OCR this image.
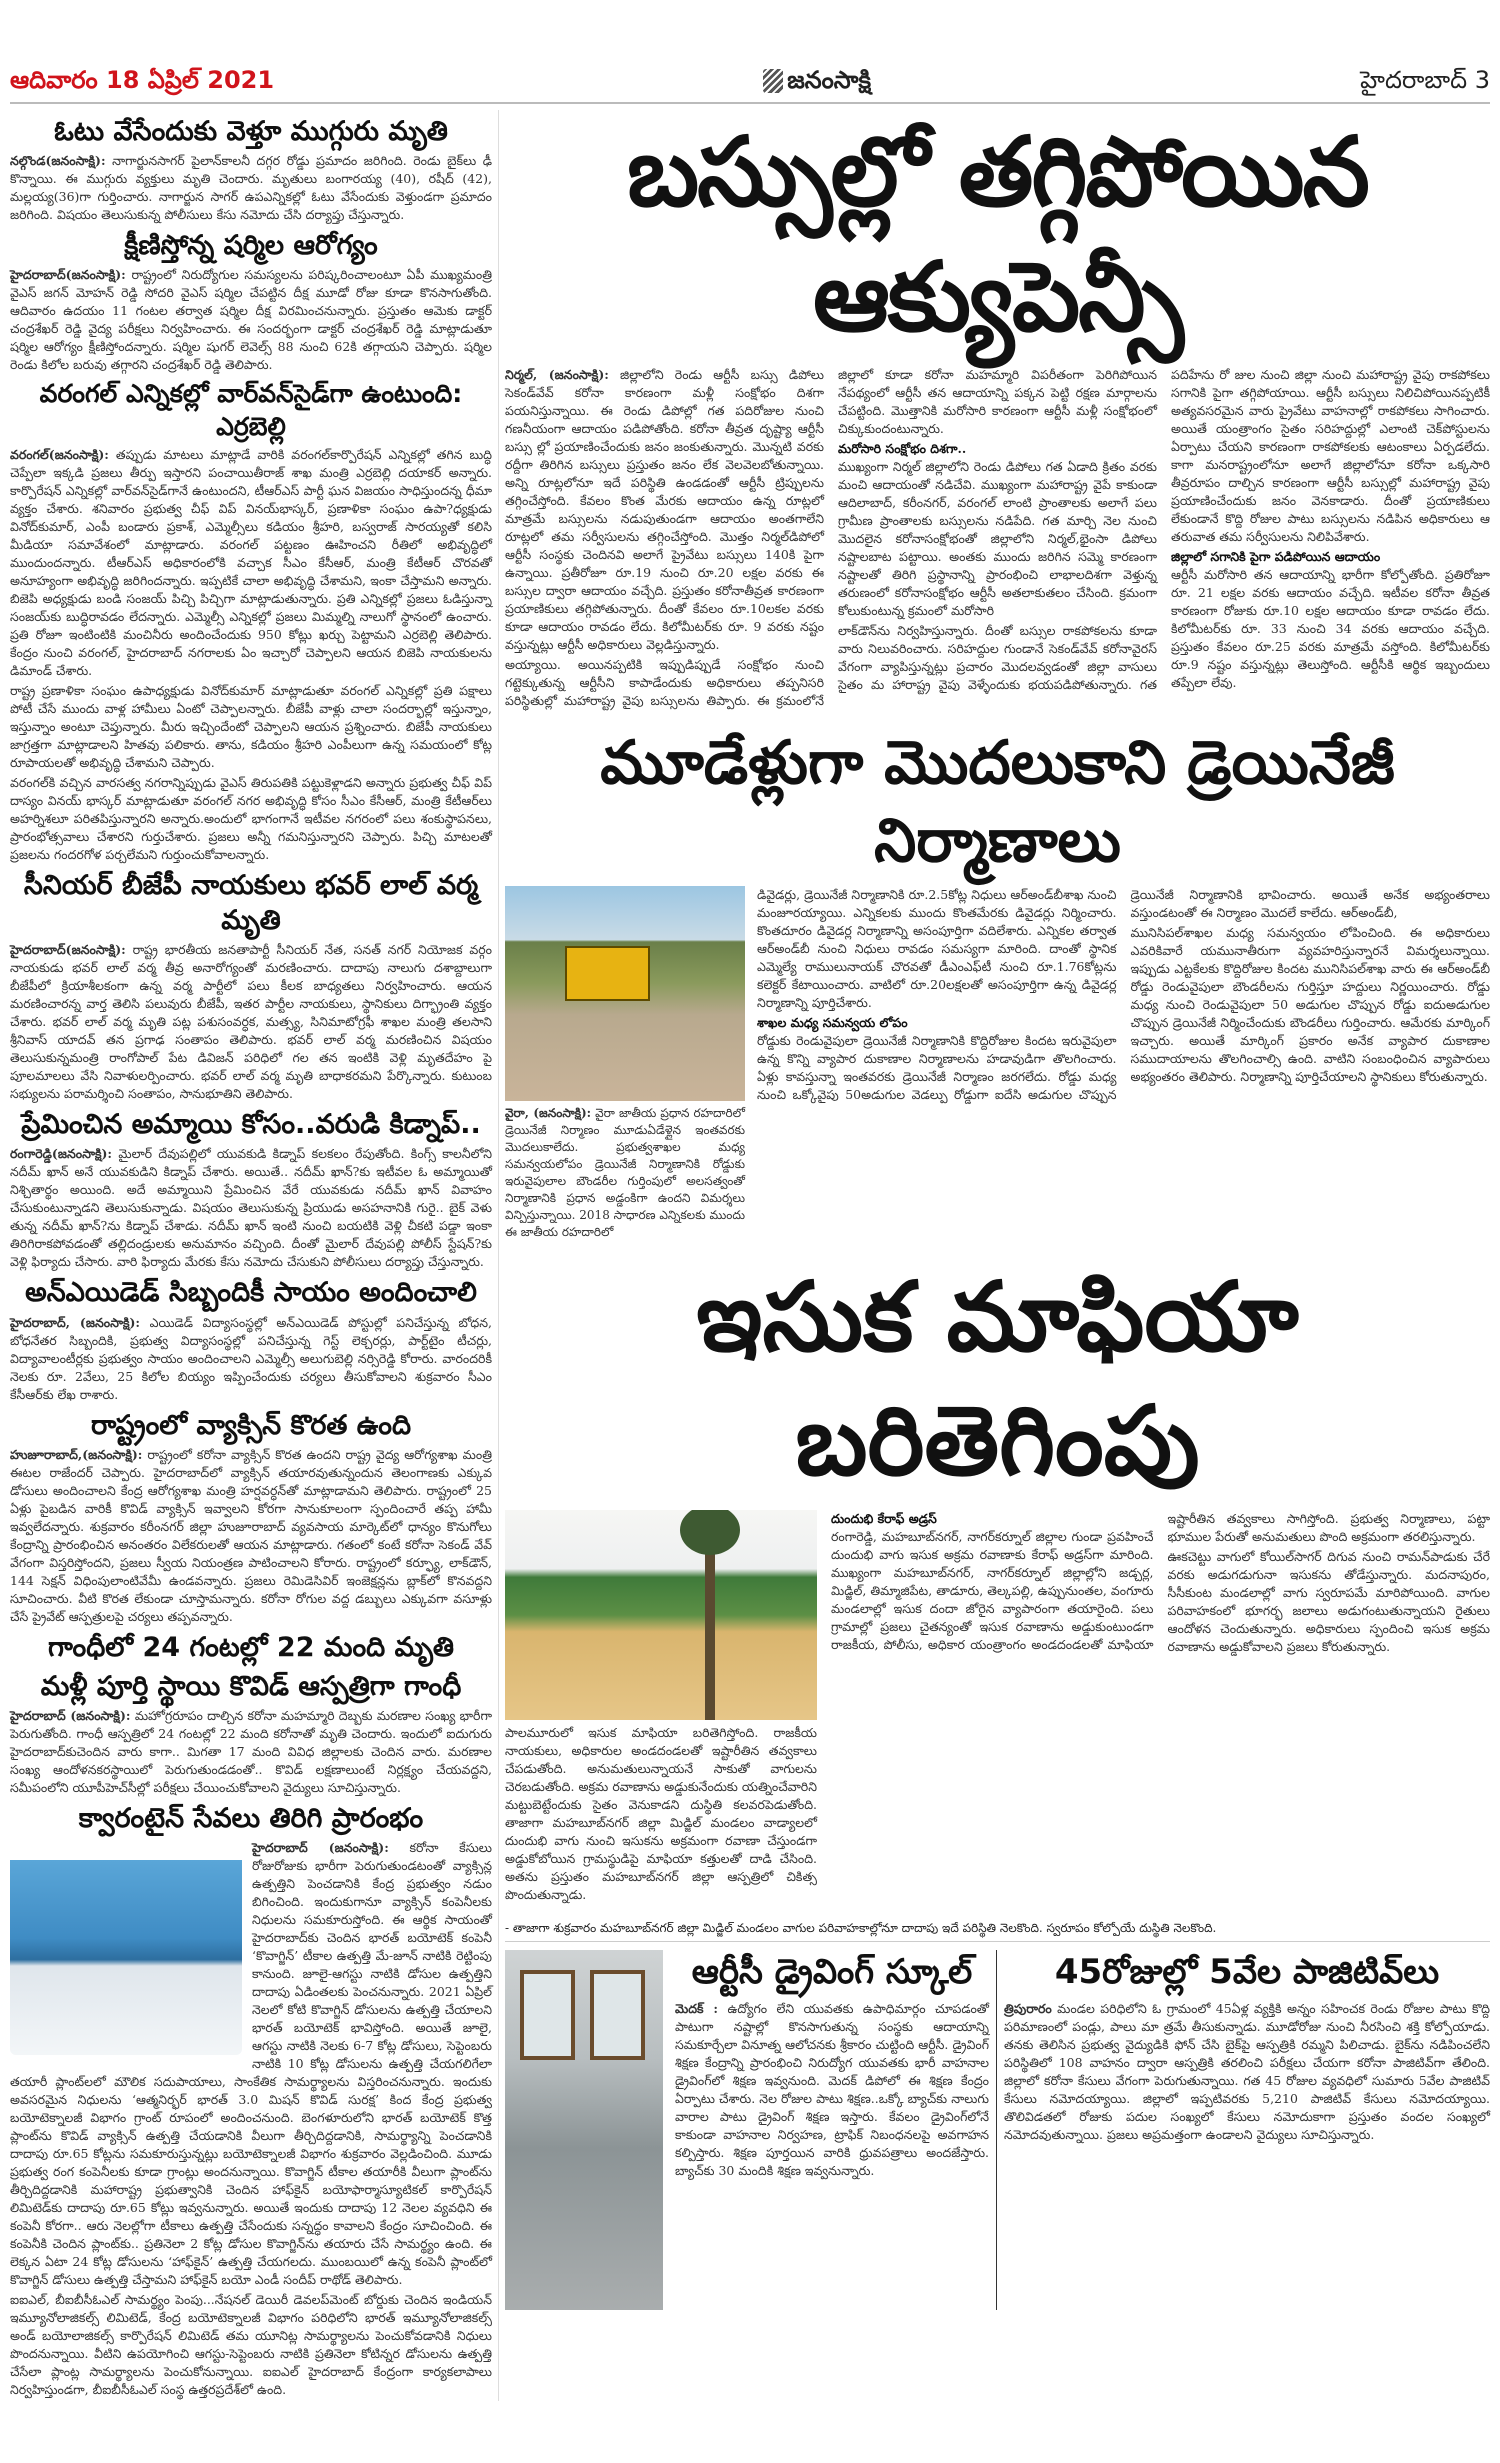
ఆదివారం 18 ఏప్రిల్ 2021	జనంసాక్షి	హైదరాబాద్ 3
ఓటు వేసేందుకు వెళ్తూ ముగ్గురు మృతి

నల్గొండ(జనంసాక్షి): నాగార్జునసాగర్ పైలాన్‌కాలనీ దగ్గర రోడ్డు ప్రమాదం జరిగింది. రెండు బైక్‌లు ఢీ కొన్నాయి. ఈ ముగ్గురు వ్యక్తులు మృతి చెందారు. మృతులు బంగారయ్య (40), రషీద్ (42), మల్లయ్య(36)గా గుర్తించారు. నాగార్జున సాగర్ ఉపఎన్నికల్లో ఓటు వేసేందుకు వెళ్తుండగా ప్రమాదం జరిగింది. విషయం తెలుసుకున్న పోలీసులు కేసు నమోదు చేసి దర్యాప్తు చేస్తున్నారు.

క్షీణిస్తోన్న షర్మిల ఆరోగ్యం

హైదరాబాద్(జనంసాక్షి): రాష్ట్రంలో నిరుద్యోగుల సమస్యలను పరిష్కరించాలంటూ ఏపీ ముఖ్యమంత్రి వైఎస్ జగన్ మోహన్ రెడ్డి సోదరి వైఎస్ షర్మిల చేపట్టిన దీక్ష మూడో రోజు కూడా కొనసాగుతోంది. ఆదివారం ఉదయం 11 గంటల తర్వాత షర్మిల దీక్ష విరమించనున్నారు. ప్రస్తుతం ఆమెకు డాక్టర్ చంద్రశేఖర్ రెడ్డి వైద్య పరీక్షలు నిర్వహించారు. ఈ సందర్భంగా డాక్టర్ చంద్రశేఖర్ రెడ్డి మాట్లాడుతూ షర్మిల ఆరోగ్యం క్షీణిస్తోందన్నారు. షర్మిల షుగర్ లెవెల్స్ 88 నుంచి 62కి తగ్గాయని చెప్పారు. షర్మిల రెండు కిలోల బరువు తగ్గారని చంద్రశేఖర్ రెడ్డి తెలిపారు.

వరంగల్ ఎన్నికల్లో వార్‌వన్‌సైడ్‌గా ఉంటుంది: ఎర్రబెల్లి

వరంగల్(జనంసాక్షి): తప్పుడు మాటలు మాట్లాడే వారికి వరంగల్‌కార్పొరేషన్ ఎన్నికల్లో తగిన బుద్ధి చెప్పేలా ఇక్కడి ప్రజలు తీర్పు ఇస్తారని పంచాయితీరాజ్ శాఖ మంత్రి ఎర్రబెల్లి దయాకర్ అన్నారు. కార్పొరేషన్ ఎన్నికల్లో వార్‌వన్‌సైడ్‌గానే ఉంటుందని, టీఆర్ఎస్ పార్టీ ఘన విజయం సాధిస్తుందన్న ధీమా వ్యక్తం చేశారు. శనివారం ప్రభుత్వ చీఫ్ విప్ వినయ్‌భాస్కర్, ప్రణాళికా సంఘం ఉపా?ధ్యక్షుడు వినోద్‌కుమార్, ఎంపీ బండారు ప్రకాశ్, ఎమ్మెల్సీలు కడియం శ్రీహరి, బస్వరాజ్ సారయ్యతో కలిసి మీడియా సమావేశంలో మాట్లాడారు. వరంగల్ పట్టణం ఊహించని రీతిలో అభివృద్ధిలో ముందుందన్నారు. టీఆర్ఎస్ అధికారంలోకి వచ్చాక సీఎం కేసీఆర్, మంత్రి కేటీఆర్ చొరవతో అనూహ్యంగా అభివృద్ధి జరిగిందన్నారు. ఇప్పటికే చాలా అభివృద్ధి చేశామని, ఇంకా చేస్తామని అన్నారు. బిజెపి అధ్యక్షుడు బండి సంజయ్ పిచ్చి పిచ్చిగా మాట్లాడుతున్నారు. ప్రతి ఎన్నికల్లో ప్రజలు ఓడిస్తున్నా సంజయ్‌కు బుద్ధిరావడం లేదన్నారు. ఎమ్మెల్సీ ఎన్నికల్లో ప్రజలు మిమ్మల్ని నాలుగో స్థానంలో ఉంచారు. ప్రతి రోజూ ఇంటింటికి మంచినీరు అందించేందుకు 950 కోట్లు ఖర్చు పెట్టామని ఎర్రబెల్లి తెలిపారు. కేంద్రం నుంచి వరంగల్, హైదరాబాద్ నగరాలకు ఏం ఇచ్చారో చెప్పాలని ఆయన బిజెపి నాయకులను డిమాండ్ చేశారు.

రాష్ట్ర ప్రణాళికా సంఘం ఉపాధ్యక్షుడు వినోద్‌కుమార్ మాట్లాడుతూ వరంగల్ ఎన్నికల్లో ప్రతి పక్షాలు పోటీ చేసే ముందు వాళ్ల హామీలు ఏంటో చెప్పాలన్నారు. బీజేపీ వాళ్లు చాలా సందర్భాల్లో ఇస్తున్నాం, ఇస్తున్నాం అంటూ చెప్తున్నారు. మీరు ఇచ్చిందేంటో చెప్పాలని ఆయన ప్రశ్నించారు. బిజేపీ నాయకులు జాగ్రత్తగా మాట్లాడాలని హితవు పలికారు. తాను, కడియం శ్రీహరి ఎంపీలుగా ఉన్న సమయంలో కోట్ల రూపాయలతో అభివృద్ధి చేశామని చెప్పారు.

వరంగల్‌కి వచ్చిన వారసత్వ నగరాన్నిప్పుడు వైఎస్ తిరుపతికి పట్టుకెళ్లాడని అన్నారు ప్రభుత్వ చీఫ్ విప్ దాస్యం వినయ్ భాస్కర్ మాట్లాడుతూ వరంగల్ నగర అభివృద్ధి కోసం సీఎం కేసీఆర్, మంత్రి కేటీఆర్‌లు అహర్నిశలూ పరితపిస్తున్నారని అన్నారు.అందులో భాగంగానే ఇటీవల నగరంలో పలు శంకుస్థాపనలు, ప్రారంభోత్సవాలు చేశారని గుర్తుచేశారు. ప్రజలు అన్నీ గమనిస్తున్నారని చెప్పారు. పిచ్చి మాటలతో ప్రజలను గందరగోళ పర్చలేమని గుర్తుంచుకోవాలన్నారు.

సీనియర్ బీజేపీ నాయకులు భవర్ లాల్ వర్మ మృతి

హైదరాబాద్(జనంసాక్షి): రాష్ట్ర భారతీయ జనతాపార్టీ సీనియర్ నేత, సనత్ నగర్ నియోజక వర్గం నాయకుడు భవర్ లాల్ వర్మ తీవ్ర అనారోగ్యంతో మరణించారు. దాదాపు నాలుగు దశాబ్దాలుగా బీజేపీలో క్రియాశీలకంగా ఉన్న వర్మ పార్టీలో పలు కీలక బాధ్యతలు నిర్వహించారు. ఆయన మరణించారన్న వార్త తెలిసి పలువురు బీజేపీ, ఇతర పార్టీల నాయకులు, స్థానికులు దిగ్భ్రాంతి వ్యక్తం చేశారు. భవర్ లాల్ వర్మ మృతి పట్ల పశుసంవర్ధక, మత్స్య, సినిమాటోగ్రఫీ శాఖల మంత్రి తలసాని శ్రీనివాస్ యాదవ్ తన ప్రగాఢ సంతాపం తెలిపారు. భవర్ లాల్ వర్మ మరణించిన విషయం తెలుసుకున్నమంత్రి రాంగోపాల్ పేట డివిజన్ పరిధిలో గల తన ఇంటికి వెళ్లి మృతదేహం పై పూలమాలలు వేసి నివాళులర్పించారు. భవర్ లాల్ వర్మ మృతి బాధాకరమని పేర్కొన్నారు. కుటుంబ సభ్యులను పరామర్శించి సంతాపం, సానుభూతిని తెలిపారు.

ప్రేమించిన అమ్మాయి కోసం..వరుడి కిడ్నాప్..

రంగారెడ్డి(జనంసాక్షి): మైలార్ దేవుపల్లిలో యువకుడి కిడ్నాప్ కలకలం రేపుతోంది. కింగ్స్ కాలనీలోని నదీమ్ ఖాన్ అనే యువకుడిని కిడ్నాప్ చేశారు. అయితే.. నదీమ్ ఖాన్?కు ఇటీవల ఓ అమ్మాయితో నిశ్చితార్థం అయింది. అదే అమ్మాయిని ప్రేమించిన వేరే యువకుడు నదీమ్ ఖాన్ వివాహం చేసుకుంటున్నాడని తెలుసుకున్నాడు. విషయం తెలుసుకున్న ప్రియుడు అసహనానికి గురై.. బైక్ వెళు తున్న నదీమ్ ఖాన్?ను కిడ్నాప్ చేశాడు. నదీమ్ ఖాన్ ఇంటి నుంచి బయటికి వెళ్లి చీకటి పడ్డా ఇంకా తిరిగిరాకపోవడంతో తల్లిదండ్రులకు అనుమానం వచ్చింది. దీంతో మైలార్ దేవుపల్లి పోలీస్ స్టేషన్?కు వెళ్లి ఫిర్యాదు చేసారు. వారి ఫిర్యాదు మేరకు కేసు నమోదు చేసుకుని పోలీసులు దర్యాప్తు చేస్తున్నారు.

అన్‌ఎయిడెడ్ సిబ్బందికీ సాయం అందించాలి

హైదరాబాద్, (జనంసాక్షి): ఎయిడెడ్ విద్యాసంస్థల్లో అన్‌ఎయిడెడ్ పోస్టుల్లో పనిచేస్తున్న బోధన, బోధనేతర సిబ్బందికి, ప్రభుత్వ విద్యాసంస్థల్లో పనిచేస్తున్న గెస్ట్ లెక్చరర్లు, పార్ట్‌టైం టీచర్లు, విద్యావాలంటీర్లకు ప్రభుత్వం సాయం అందించాలని ఎమ్మెల్సీ అలుగుబెల్లి నర్సిరెడ్డి కోరారు. వారందరికీ నెలకు రూ. 2వేలు, 25 కిలోల బియ్యం ఇప్పించేందుకు చర్యలు తీసుకోవాలని శుక్రవారం సీఎం కేసీఆర్‌కు లేఖ రాశారు.

రాష్ట్రంలో వ్యాక్సిన్ కొరత ఉంది

హుజూరాబాద్,(జనంసాక్షి): రాష్ట్రంలో కరోనా వ్యాక్సిన్ కొరత ఉందని రాష్ట్ర వైద్య ఆరోగ్యశాఖ మంత్రి ఈటల రాజేందర్ చెప్పారు. హైదరాబాద్‌లో వ్యాక్సిన్ తయారవుతున్నందున తెలంగాణకు ఎక్కువ డోసులు అందించాలని కేంద్ర ఆరోగ్యశాఖ మంత్రి హర్షవర్ధన్‌తో మాట్లాడామని తెలిపారు. రాష్ట్రంలో 25 ఏళ్లు పైబడిన వారికీ కొవిడ్ వ్యాక్సిన్ ఇవ్వాలని కోరగా సానుకూలంగా స్పందించారే తప్ప హామీ ఇవ్వలేదన్నారు. శుక్రవారం కరీంనగర్ జిల్లా హుజూరాబాద్ వ్యవసాయ మార్కెట్‌లో ధాన్యం కొనుగోలు కేంద్రాన్ని ప్రారంభించిన అనంతరం విలేకరులతో ఆయన మాట్లాడారు. గతంలో కంటే కరోనా సెకండ్ వేవ్ వేగంగా విస్తరిస్తోందని, ప్రజలు స్వీయ నియంత్రణ పాటించాలని కోరారు. రాష్ట్రంలో కర్ఫ్యూ, లాక్‌డౌన్, 144 సెక్షన్ విధింపులాంటివేమీ ఉండవన్నారు. ప్రజలు రెమిడెసివిర్ ఇంజెక్షన్లను బ్లాక్‌లో కొనవద్దని సూచించారు. వీటి కొరత లేకుండా చూస్తామన్నారు. కరోనా రోగుల వద్ద డబ్బులు ఎక్కువగా వసూళ్లు చేసే ప్రైవేట్ ఆస్పత్రులపై చర్యలు తప్పవన్నారు.

గాంధీలో 24 గంటల్లో 22 మంది మృతి
మళ్లీ పూర్తి స్థాయి కొవిడ్ ఆస్పత్రిగా గాంధీ

హైదరాబాద్ (జనంసాక్షి): మహోగ్రరూపం దాల్చిన కరోనా మహమ్మారి దెబ్బకు మరణాల సంఖ్య భారీగా పెరుగుతోంది. గాంధీ ఆస్పత్రిలో 24 గంటల్లో 22 మంది కరోనాతో మృతి చెందారు. ఇందులో ఐదుగురు హైదరాబాద్‌కుచెందిన వారు కాగా.. మిగతా 17 మంది వివిధ జిల్లాలకు చెందిన వారు. మరణాల సంఖ్య ఆందోళనకరస్థాయిలో పెరుగుతుండడంతో.. కొవిడ్ లక్షణాలుంటే నిర్లక్ష్యం చేయవద్దని, సమీపంలోని యూపీహెచ్‌సీల్లో పరీక్షలు చేయించుకోవాలని వైద్యులు సూచిస్తున్నారు.

క్వారంటైన్ సేవలు తిరిగి ప్రారంభం

హైదరాబాద్ (జనంసాక్షి): కరోనా కేసులు రోజురోజుకు భారీగా పెరుగుతుండటంతో వ్యాక్సిన్ల ఉత్పత్తిని పెంచడానికి కేంద్ర ప్రభుత్వం నడుం బిగించింది. ఇందుకుగానూ వ్యాక్సిన్ కంపెనీలకు నిధులను సమకూరుస్తోంది. ఈ ఆర్థిక సాయంతో హైదరాబాద్‌కు చెందిన భారత్ బయోటెక్ కంపెనీ ‘కొవాగ్జిన్’ టీకాల ఉత్పత్తి మే-జూన్ నాటికి రెట్టింపు కానుంది. జూలై-ఆగస్టు నాటికి డోసుల ఉత్పత్తిని దాదాపు ఏడింతలకు పెంచనున్నారు. 2021 ఏప్రిల్ నెలలో కోటి కొవాగ్జిన్ డోసులను ఉత్పత్తి చేయాలని భారత్ బయోటెక్ భావిస్తోంది. అయితే జూలై, ఆగస్టు నాటికి నెలకు 6-7 కోట్ల డోసులు, సెప్టెంబరు నాటికి 10 కోట్ల డోసులను ఉత్పత్తి చేయగలిగేలా తయారీ ప్లాంట్‌లలో మౌలిక సదుపాయాలు, సాంకేతిక సామర్థ్యాలను విస్తరించనున్నారు. ఇందుకు అవసరమైన నిధులను ‘ఆత్మనిర్భర్ భారత్ 3.0 మిషన్ కొవిడ్ సురక్ష’ కింద కేంద్ర ప్రభుత్వ బయోటెక్నాలజీ విభాగం గ్రాంట్ రూపంలో అందించనుంది. బెంగళూరులోని భారత్ బయోటెక్ కొత్త ప్లాంట్‌ను కొవిడ్ వ్యాక్సిన్ ఉత్పత్తి చేయడానికి వీలుగా తీర్చిదిద్దడానికి, సామర్థ్యాన్ని పెంచడానికి దాదాపు రూ.65 కోట్లను సమకూరుస్తున్నట్లు బయోటెక్నాలజీ విభాగం శుక్రవారం వెల్లడించింది. మూడు ప్రభుత్వ రంగ కంపెనీలకు కూడా గ్రాంట్లు అందనున్నాయి. కొవాగ్జిన్ టీకాల తయారీకి వీలుగా ప్లాంట్‌ను తీర్చిదిద్దడానికి మహారాష్ట్ర ప్రభుత్వానికి చెందిన హాఫ్‌కైన్ బయోఫార్మాస్యూటికల్ కార్పొరేషన్ లిమిటెడ్‌కు దాదాపు రూ.65 కోట్లు ఇవ్వనున్నారు. అయితే ఇందుకు దాదాపు 12 నెలల వ్యవధిని ఈ కంపెనీ కోరగా.. ఆరు నెలల్లోగా టీకాలు ఉత్పత్తి చేసేందుకు సన్నద్ధం కావాలని కేంద్రం సూచించింది. ఈ కంపెనీకి చెందిన ప్లాంట్‌కు.. ప్రతినెలా 2 కోట్ల డోసుల కొవాగ్జిన్‌ను తయారు చేసే సామర్థ్యం ఉంది. ఈ లెక్కన ఏటా 24 కోట్ల డోసులను ‘హాఫ్‌కైన్’ ఉత్పత్తి చేయగలదు. ముంబయిలో ఉన్న కంపెనీ ప్లాంట్‌లో కొవాగ్జిన్ డోసులు ఉత్పత్తి చేస్తామని హాఫ్‌కైన్ బయో ఎండీ సందీప్ రాథోడ్ తెలిపారు.

ఐఐఎల్, బీఐబీసీఓఎల్ సామర్థ్యం పెంపు...నేషనల్ డెయిరీ డెవలప్‌మెంట్ బోర్డుకు చెందిన ఇండియన్ ఇమ్యూనోలాజికల్స్ లిమిటెడ్, కేంద్ర బయోటెక్నాలజీ విభాగం పరిధిలోని భారత్ ఇమ్యూనోలాజికల్స్ అండ్ బయోలాజికల్స్ కార్పొరేషన్ లిమిటెడ్ తమ యూనిట్ల సామర్థ్యాలను పెంచుకోవడానికి నిధులు పొందనున్నాయి. వీటిని ఉపయోగించి ఆగస్టు-సెప్టెంబరు నాటికి ప్రతినెలా కోటిన్నర డోసులను ఉత్పత్తి చేసేలా ప్లాంట్ల సామర్థ్యాలను పెంచుకోనున్నాయి. ఐఐఎల్ హైదరాబాద్ కేంద్రంగా కార్యకలాపాలు నిర్వహిస్తుండగా, బీఐబీసీఓఎల్ సంస్థ ఉత్తరప్రదేశ్‌లో ఉంది.

బస్సుల్లో తగ్గిపోయిన ఆక్యుపెన్సీ

నిర్మల్, (జనంసాక్షి): జిల్లాలోని రెండు ఆర్టీసీ బస్సు డిపోలు సెకండ్‌వేవ్ కరోనా కారణంగా మళ్లీ సంక్షోభం దిశగా పయనిస్తున్నాయి. ఈ రెండు డిపోల్లో గత పదిరోజుల నుంచి గణనీయంగా ఆదాయం పడిపోతోంది. కరోనా తీవ్రత దృష్ట్యా ఆర్టీసీ బస్సు ల్లో ప్రయాణించేందుకు జనం జంకుతున్నారు. మొన్నటి వరకు రద్దీగా తిరిగిన బస్సులు ప్రస్తుతం జనం లేక వెలవెలబోతున్నాయి. అన్ని రూట్లలోనూ ఇదే పరిస్థితి ఉండడంతో ఆర్టీసీ ట్రిప్పులను తగ్గించేస్తోంది. కేవలం కొంత మేరకు ఆదాయం ఉన్న రూట్లలో మాత్రమే బస్సులను నడుపుతుండగా ఆదాయం అంతగాలేని రూట్లలో తమ సర్వీసులను తగ్గించేస్తోంది. మొత్తం నిర్మల్‌డిపోలో ఆర్టీసీ సంస్థకు చెందినవి అలాగే ప్రైవేటు బస్సులు 140కి పైగా ఉన్నాయి. ప్రతీరోజూ రూ.19 నుంచి రూ.20 లక్షల వరకు ఈ బస్సుల ద్వారా ఆదాయం వచ్చేది. ప్రస్తుతం కరోనాతీవ్రత కారణంగా ప్రయాణికులు తగ్గిపోతున్నారు. దీంతో కేవలం రూ.10లకల వరకు కూడా ఆదాయం రావడం లేదు. కిలోమీటర్‌కు రూ. 9 వరకు నష్టం వస్తున్నట్లు ఆర్టీసీ అధికారులు వెల్లడిస్తున్నారు.

అయ్యాయి. అయినప్పటికి ఇప్పుడిప్పుడే సంక్షోభం నుంచి గట్టెక్కుతున్న ఆర్టీసీని కాపాడేందుకు అధికారులు తప్పనిసరి పరిస్థితుల్లో మహారాష్ట్ర వైపు బస్సులను తిప్పారు. ఈ క్రమంలోనే జిల్లాలో కూడా కరోనా మహమ్మారి విపరీతంగా పెరిగిపోయిన నేపథ్యంలో ఆర్టీసీ తన ఆదాయాన్ని పక్కన పెట్టి రక్షణ మార్గాలను చేపట్టింది. మొత్తానికి మరోసారి కారణంగా ఆర్టీసీ మళ్లీ సంక్షోభంలో చిక్కుకుందంటున్నారు.

మరోసారి సంక్షోభం దిశగా..

ముఖ్యంగా నిర్మల్ జిల్లాలోని రెండు డిపోలు గత ఏడాది క్రితం వరకు మంచి ఆదాయంతో నడిచేవి. ముఖ్యంగా మహారాష్ట్ర వైపే కాకుండా ఆదిలాబాద్, కరీంనగర్, వరంగల్ లాంటి ప్రాంతాలకు అలాగే పలు గ్రామీణ ప్రాంతాలకు బస్సులను నడిపేది. గత మార్చి నెల నుంచి మొదలైన కరోనాసంక్షోభంతో జిల్లాలోని నిర్మల్,భైంసా డిపోలు నష్టాలబాట పట్టాయి. అంతకు ముందు జరిగిన సమ్మె కారణంగా నష్టాలతో తిరిగి ప్రస్థానాన్ని ప్రారంభించి లాభాలదిశగా వెళ్తున్న తరుణంలో కరోనాసంక్షోభం ఆర్టీసీ అతలాకుతలం చేసింది. క్రమంగా కోలుకుంటున్న క్రమంలో మరోసారి

లాక్‌డౌన్‌ను నిర్వహిస్తున్నారు. దీంతో బస్సుల రాకపోకలను కూడా వారు నిలువరించారు. సరిహద్దుల గుండానే సెకండ్‌వేవ్ కరోనావైరస్ వేగంగా వ్యాపిస్తున్నట్లు ప్రచారం మొదలవ్వడంతో జిల్లా వాసులు సైతం మ హారాష్ట్ర వైపు వెళ్ళేందుకు భయపడిపోతున్నారు. గత పదిహేను రో జుల నుంచి జిల్లా నుంచి మహారాష్ట్ర వైపు రాకపోకలు సగానికి పైగా తగ్గిపోయాయి. ఆర్టీసీ బస్సులు నిలిచిపోయినప్పటికీ అత్యవసరమైన వారు ప్రైవేటు వాహనాల్లో రాకపోకలు సాగించారు. అయితే యంత్రాంగం సైతం సరిహద్దుల్లో ఎలాంటి చెక్‌పోస్టులను ఏర్పాటు చేయని కారణంగా రాకపోకలకు ఆటంకాలు ఏర్పడలేదు. కాగా మనరాష్ట్రంలోనూ అలాగే జిల్లాలోనూ కరోనా ఒక్కసారి తీవ్రరూపం దాల్చిన కారణంగా ఆర్టీసీ బస్సుల్లో మహారాష్ట్ర వైపు ప్రయాణించేందుకు జనం వెనకాడారు. దీంతో ప్రయాణికులు లేకుండానే కొద్ది రోజుల పాటు బస్సులను నడిపిన అధికారులు ఆ తరువాత తమ సర్వీసులను నిలిపివేశారు.

జిల్లాలో సగానికి పైగా పడిపోయిన ఆదాయం

ఆర్టీసీ మరోసారి తన ఆదాయాన్ని భారీగా కోల్పోతోంది. ప్రతిరోజూ రూ. 21 లక్షల వరకు ఆదాయం వచ్చేది. ఇటీవల కరోనా తీవ్రత కారణంగా రోజుకు రూ.10 లక్షల ఆదాయం కూడా రావడం లేదు. కిలోమీటర్‌కు రూ. 33 నుంచి 34 వరకు ఆదాయం వచ్చేది. ప్రస్తుతం కేవలం రూ.25 వరకు మాత్రమే వస్తోంది. కిలోమీటర్‌కు రూ.9 నష్టం వస్తున్నట్లు తెలుస్తోంది. ఆర్టీసీకి ఆర్థిక ఇబ్బందులు తప్పేలా లేవు.

మూడేళ్లుగా మొదలుకాని డ్రెయినేజీ నిర్మాణాలు

వైరా, (జనంసాక్షి): వైరా జాతీయ ప్రధాన రహదారిలో డ్రెయినేజీ నిర్మాణం మూడుఏడేళ్లైన ఇంతవరకు మొదలుకాలేదు. ప్రభుత్వశాఖల మధ్య సమన్వయలోపం డ్రెయినేజీ నిర్మాణానికి రోడ్డుకు ఇరువైపులాల బౌండరీల గుర్తింపులో అలసత్వంతో నిర్మాణానికి ప్రధాన అడ్డంకిగా ఉందని విమర్శలు విన్పిస్తున్నాయి. 2018 సాధారణ ఎన్నికలకు ముందు ఈ జాతీయ రహదారిలో

డివైడర్లు, డ్రెయినేజీ నిర్మాణానికి రూ.2.5కోట్ల నిధులు ఆర్‌అండ్‌బీశాఖ నుంచి మంజూరయ్యాయి. ఎన్నికలకు ముందు కొంతమేరకు డివైడర్లు నిర్మించారు. కొంతదూరం డివైడర్ల నిర్మాణాన్ని అసంపూర్తిగా వదిలేశారు. ఎన్నికల తర్వాత ఆర్‌అండ్‌బీ నుంచి నిధులు రావడం సమస్యగా మారింది. దాంతో స్థానిక ఎమ్మెల్యే రాములునాయక్ చొరవతో డీఎంఎఫ్‌టీ నుంచి రూ.1.76కోట్లను కలెక్టర్ కేటాయించారు. వాటిలో రూ.20లక్షలతో అసంపూర్తిగా ఉన్న డివైడర్ల నిర్మాణాన్ని పూర్తిచేశారు.

శాఖల మధ్య సమన్వయ లోపం

రోడ్డుకు రెండువైపులా డ్రెయినేజీ నిర్మాణానికి కొద్దిరోజుల కిందట ఇరువైపులా ఉన్న కొన్ని వ్యాపార దుకాణాల నిర్మాణాలను హడావుడిగా తొలగించారు. ఏళ్లు కావస్తున్నా ఇంతవరకు డ్రెయినేజీ నిర్మాణం జరగలేదు. రోడ్డు మధ్య నుంచి ఒక్కోవైపు 50అడుగుల వెడల్పు రోడ్డుగా ఐదేసి అడుగుల చొప్పున డ్రెయినేజీ నిర్మాణానికి భావించారు. అయితే అనేక అభ్యంతరాలు వస్తుండటంతో ఈ నిర్మాణం మొదలే కాలేదు. ఆర్‌అండ్‌బీ,

మునిసిపల్‌శాఖల మధ్య సమన్వయం లోపించింది. ఈ అధికారులు ఎవరికివారే యమునాతీరుగా వ్యవహరిస్తున్నారనే విమర్శలున్నాయి. ఇప్పుడు ఎట్టకేలకు కొద్దిరోజుల కిందట మునిసిపల్‌శాఖ వారు ఈ ఆర్‌అండ్‌బీ రోడ్డు రెండువైపులా బౌండరీలను గుర్తిస్తూ హద్దులు నిర్ణయించారు. రోడ్డు మధ్య నుంచి రెండువైపులా 50 అడుగుల చొప్పున రోడ్డు ఐదుఅడుగుల చొప్పున డ్రెయినేజీ నిర్మించేందుకు బౌండరీలు గుర్తించారు. ఆమేరకు మార్కింగ్ ఇచ్చారు. అయితే మార్కింగ్ ప్రకారం అనేక వ్యాపార దుకాణాల సముదాయాలను తొలగించాల్సి ఉంది. వాటిని సంబంధించిన వ్యాపారులు అభ్యంతరం తెలిపారు. నిర్మాణాన్ని పూర్తిచేయాలని స్థానికులు కోరుతున్నారు.

ఇసుక మాఫియా బరితెగింపు

పాలమూరులో ఇసుక మాఫియా బరితెగిస్తోంది. రాజకీయ నాయకులు, అధికారుల అండదండలతో ఇష్టారీతిన తవ్వకాలు చేపడుతోంది. అనుమతులున్నాయనే సాకుతో వాగులను చెరబడుతోంది. అక్రమ రవాణాను అడ్డుకునేందుకు యత్నించేవారిని మట్టుబెట్టేందుకు సైతం వెనుకాడని దుస్థితి కలవరపెడుతోంది. తాజాగా మహబూబ్‌నగర్ జిల్లా మిడ్జిల్ మండలం వాడ్యాలలో దుందుభి వాగు నుంచి ఇసుకను అక్రమంగా రవాణా చేస్తుండగా అడ్డుకోబోయిన గ్రామస్థుడిపై మాఫియా కత్తులతో దాడి చేసింది. అతను ప్రస్తుతం మహబూబ్‌నగర్ జిల్లా ఆస్పత్రిలో చికిత్స పొందుతున్నాడు.

దుందుభి కేరాఫ్ అడ్రస్

రంగారెడ్డి, మహబూబ్‌నగర్, నాగర్‌కర్నూల్ జిల్లాల గుండా ప్రవహించే దుందుభి వాగు ఇసుక అక్రమ రవాణాకు కేరాఫ్ అడ్రస్‌గా మారింది. ముఖ్యంగా మహబూబ్‌నగర్, నాగర్‌కర్నూల్ జిల్లాల్లోని జడ్చర్ల, మిడ్జిల్, తిమ్మాజిపేట, తాడూరు, తెల్కపల్లి, ఉప్పునుంతల, వంగూరు మండలాల్లో ఇసుక దందా జోరైన వ్యాపారంగా తయారైంది. పలు గ్రామాల్లో ప్రజలు చైతన్యంతో ఇసుక రవాణాను అడ్డుకుంటుండగా రాజకీయ, పోలీసు, అధికార యంత్రాంగం అండదండలతో మాఫియా ఇష్టారీతిన తవ్వకాలు సాగిస్తోంది. ప్రభుత్వ నిర్మాణాలు, పట్టా భూముల పేరుతో అనుమతులు పొంది అక్రమంగా తరలిస్తున్నారు.

ఊకచెట్టు వాగులో కోయిల్‌సాగర్ దిగువ నుంచి రామన్‌పాడుకు చేరే వరకు అడుగడుగునా ఇసుకను తోడేస్తున్నారు. మదనాపురం, సీసీకుంట మండలాల్లో వాగు స్వరూపమే మారిపోయింది. వాగుల పరివాహకంలో భూగర్భ జలాలు అడుగంటుతున్నాయని రైతులు ఆందోళన చెందుతున్నారు. అధికారులు స్పందించి ఇసుక అక్రమ రవాణాను అడ్డుకోవాలని ప్రజలు కోరుతున్నారు.

- తాజాగా శుక్రవారం మహబూబ్‌నగర్ జిల్లా మిడ్జిల్ మండలం వాగుల పరివాహకాల్లోనూ దాదాపు ఇదే పరిస్థితి నెలకొంది. స్వరూపం కోల్పోయే దుస్థితి నెలకొంది.

ఆర్టీసీ డ్రైవింగ్ స్కూల్

మెదక్ : ఉద్యోగం లేని యువతకు ఉపాధిమార్గం చూపడంతో పాటుగా నష్టాల్లో కొనసాగుతున్న సంస్థకు ఆదాయాన్ని సమకూర్చేలా వినూత్న ఆలోచనకు శ్రీకారం చుట్టింది ఆర్టీసీ. డ్రైవింగ్ శిక్షణ కేంద్రాన్ని ప్రారంభించి నిరుద్యోగ యువతకు భారీ వాహనాల డ్రైవింగ్‌లో శిక్షణ ఇవ్వనుంది. మెదక్ డిపోలో ఈ శిక్షణ కేంద్రం ఏర్పాటు చేశారు. నెల రోజుల పాటు శిక్షణ..ఒక్కో బ్యాచ్‌కు నాలుగు వారాల పాటు డ్రైవింగ్ శిక్షణ ఇస్తారు. కేవలం డ్రైవింగ్‌లోనే కాకుండా వాహనాల నిర్వహణ, ట్రాఫిక్ నిబంధనలపై అవగాహన కల్పిస్తారు. శిక్షణ పూర్తయిన వారికి ధ్రువపత్రాలు అందజేస్తారు. బ్యాచ్‌కు 30 మందికి శిక్షణ ఇవ్వనున్నారు.

45రోజుల్లో 5వేల పాజిటివ్‌లు

త్రిపురారం మండల పరిధిలోని ఓ గ్రామంలో 45ఏళ్ల వ్యక్తికి అన్నం సహించక రెండు రోజుల పాటు కొద్ది పరిమాణంలో పండ్లు, పాలు మా త్రమే తీసుకున్నాడు. మూడోరోజు నుంచి నీరసించి శక్తి కోల్పోయాడు. తనకు తెలిసిన ప్రభుత్వ వైద్యుడికి ఫోన్ చేసి బైక్‌పై ఆస్పత్రికి రమ్మని పిలిచాడు. బైక్‌ను నడిపించలేని పరిస్థితిలో 108 వాహనం ద్వారా ఆస్పత్రికి తరలించి పరీక్షలు చేయగా కరోనా పాజిటివ్‌గా తేలింది. జిల్లాలో కరోనా కేసులు వేగంగా పెరుగుతున్నాయి. గత 45 రోజుల వ్యవధిలో సుమారు 5వేల పాజిటివ్ కేసులు నమోదయ్యాయి. జిల్లాలో ఇప్పటివరకు 5,210 పాజిటివ్ కేసులు నమోదయ్యాయి. తొలివిడతలో రోజుకు పదుల సంఖ్యలో కేసులు నమోదుకాగా ప్రస్తుతం వందల సంఖ్యలో నమోదవుతున్నాయి. ప్రజలు అప్రమత్తంగా ఉండాలని వైద్యులు సూచిస్తున్నారు.
